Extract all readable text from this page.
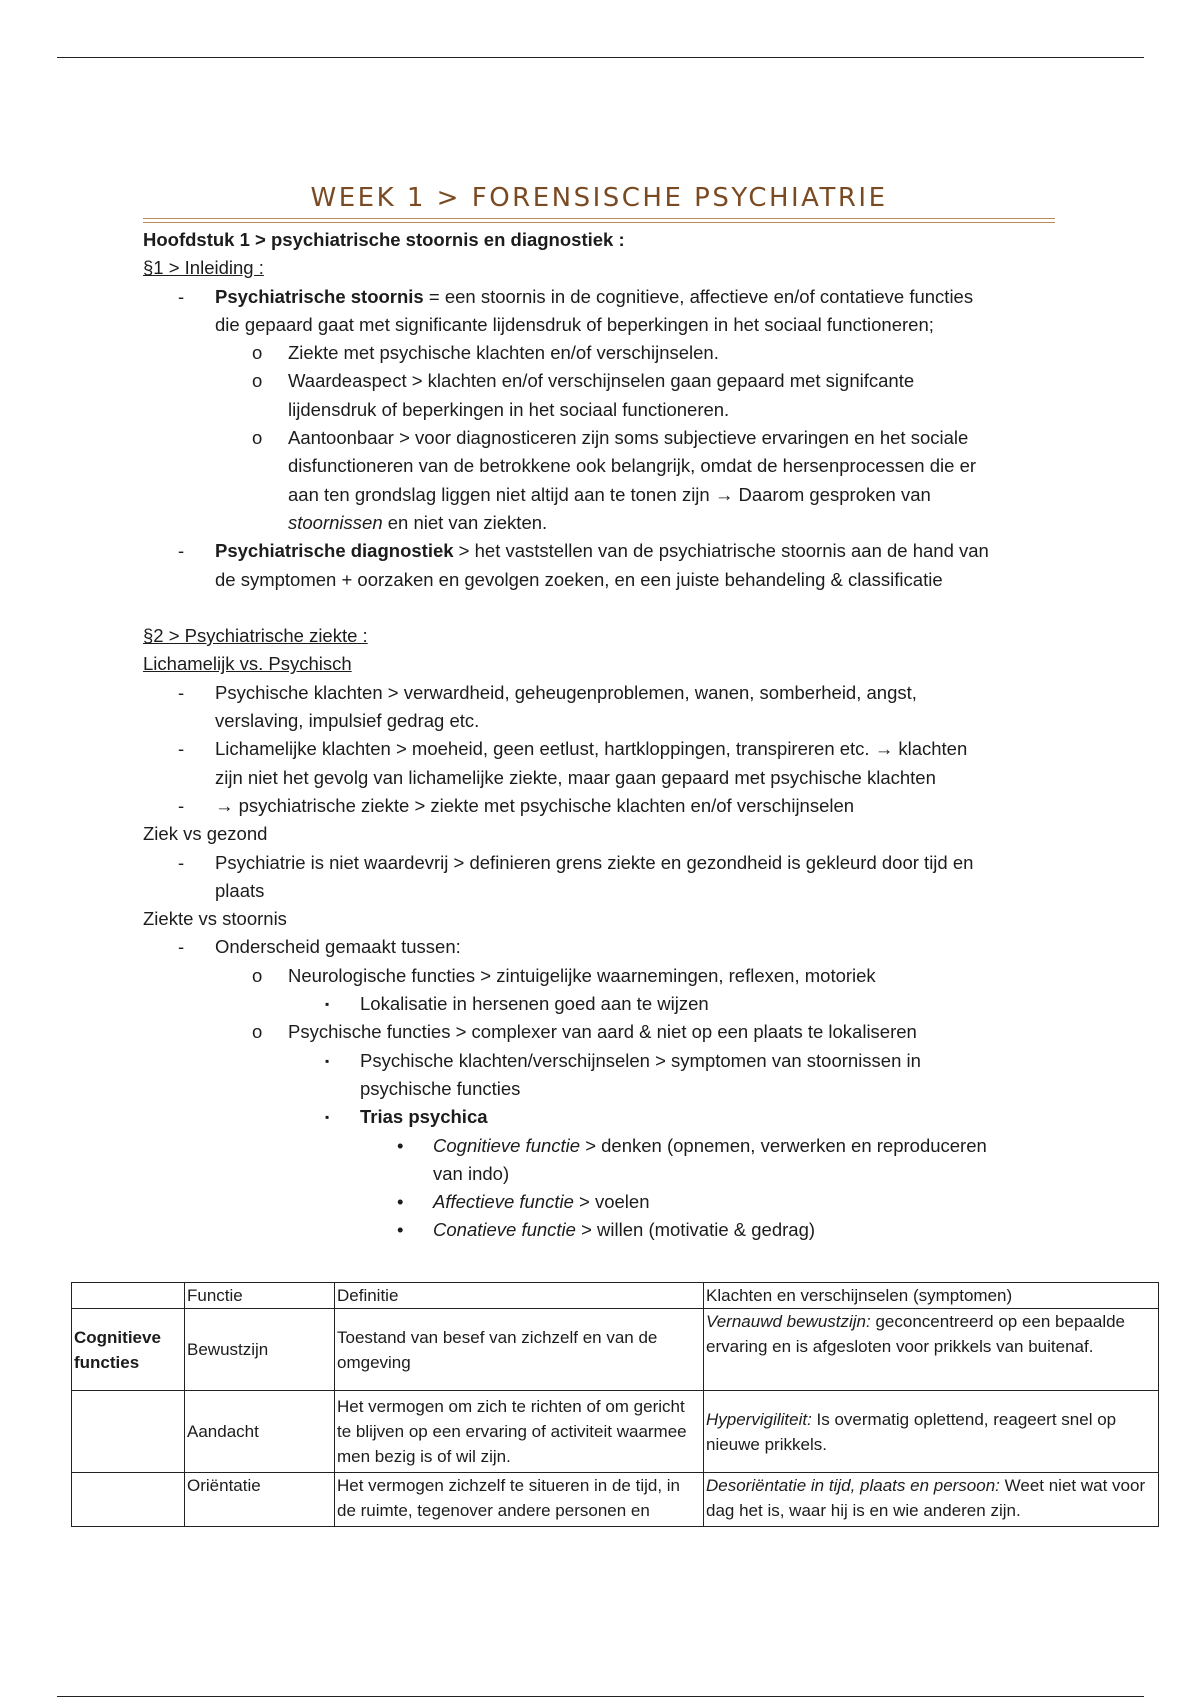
WEEK 1 > FORENSISCHE PSYCHIATRIE
Hoofdstuk 1 > psychiatrische stoornis en diagnostiek :
§1 > Inleiding :
- Psychiatrische stoornis = een stoornis in de cognitieve, affectieve en/of contatieve functies
die gepaard gaat met significante lijdensdruk of beperkingen in het sociaal functioneren;
o Ziekte met psychische klachten en/of verschijnselen.
o Waardeaspect > klachten en/of verschijnselen gaan gepaard met signifcante
lijdensdruk of beperkingen in het sociaal functioneren.
o Aantoonbaar > voor diagnosticeren zijn soms subjectieve ervaringen en het sociale
disfunctioneren van de betrokkene ook belangrijk, omdat de hersenprocessen die er
aan ten grondslag liggen niet altijd aan te tonen zijn → Daarom gesproken van
stoornissen en niet van ziekten.
- Psychiatrische diagnostiek > het vaststellen van de psychiatrische stoornis aan de hand van
de symptomen + oorzaken en gevolgen zoeken, en een juiste behandeling & classificatie
§2 > Psychiatrische ziekte :
Lichamelijk vs. Psychisch
- Psychische klachten > verwardheid, geheugenproblemen, wanen, somberheid, angst,
verslaving, impulsief gedrag etc.
- Lichamelijke klachten > moeheid, geen eetlust, hartkloppingen, transpireren etc. → klachten
zijn niet het gevolg van lichamelijke ziekte, maar gaan gepaard met psychische klachten
- → psychiatrische ziekte > ziekte met psychische klachten en/of verschijnselen
Ziek vs gezond
- Psychiatrie is niet waardevrij > definieren grens ziekte en gezondheid is gekleurd door tijd en
plaats
Ziekte vs stoornis
- Onderscheid gemaakt tussen:
o Neurologische functies > zintuigelijke waarnemingen, reflexen, motoriek
▪ Lokalisatie in hersenen goed aan te wijzen
o Psychische functies > complexer van aard & niet op een plaats te lokaliseren
▪ Psychische klachten/verschijnselen > symptomen van stoornissen in
psychische functies
▪ Trias psychica
• Cognitieve functie > denken (opnemen, verwerken en reproduceren
van indo)
• Affectieve functie > voelen
• Conatieve functie > willen (motivatie & gedrag)
	Functie	Definitie	Klachten en verschijnselen (symptomen)
Cognitieve functies	Bewustzijn	Toestand van besef van zichzelf en van de omgeving	Vernauwd bewustzijn: geconcentreerd op een bepaalde ervaring en is afgesloten voor prikkels van buitenaf.
	Aandacht	Het vermogen om zich te richten of om gericht te blijven op een ervaring of activiteit waarmee men bezig is of wil zijn.	Hypervigiliteit: Is overmatig oplettend, reageert snel op nieuwe prikkels.
	Oriëntatie	Het vermogen zichzelf te situeren in de tijd, in de ruimte, tegenover andere personen en	Desoriëntatie in tijd, plaats en persoon: Weet niet wat voor dag het is, waar hij is en wie anderen zijn.
